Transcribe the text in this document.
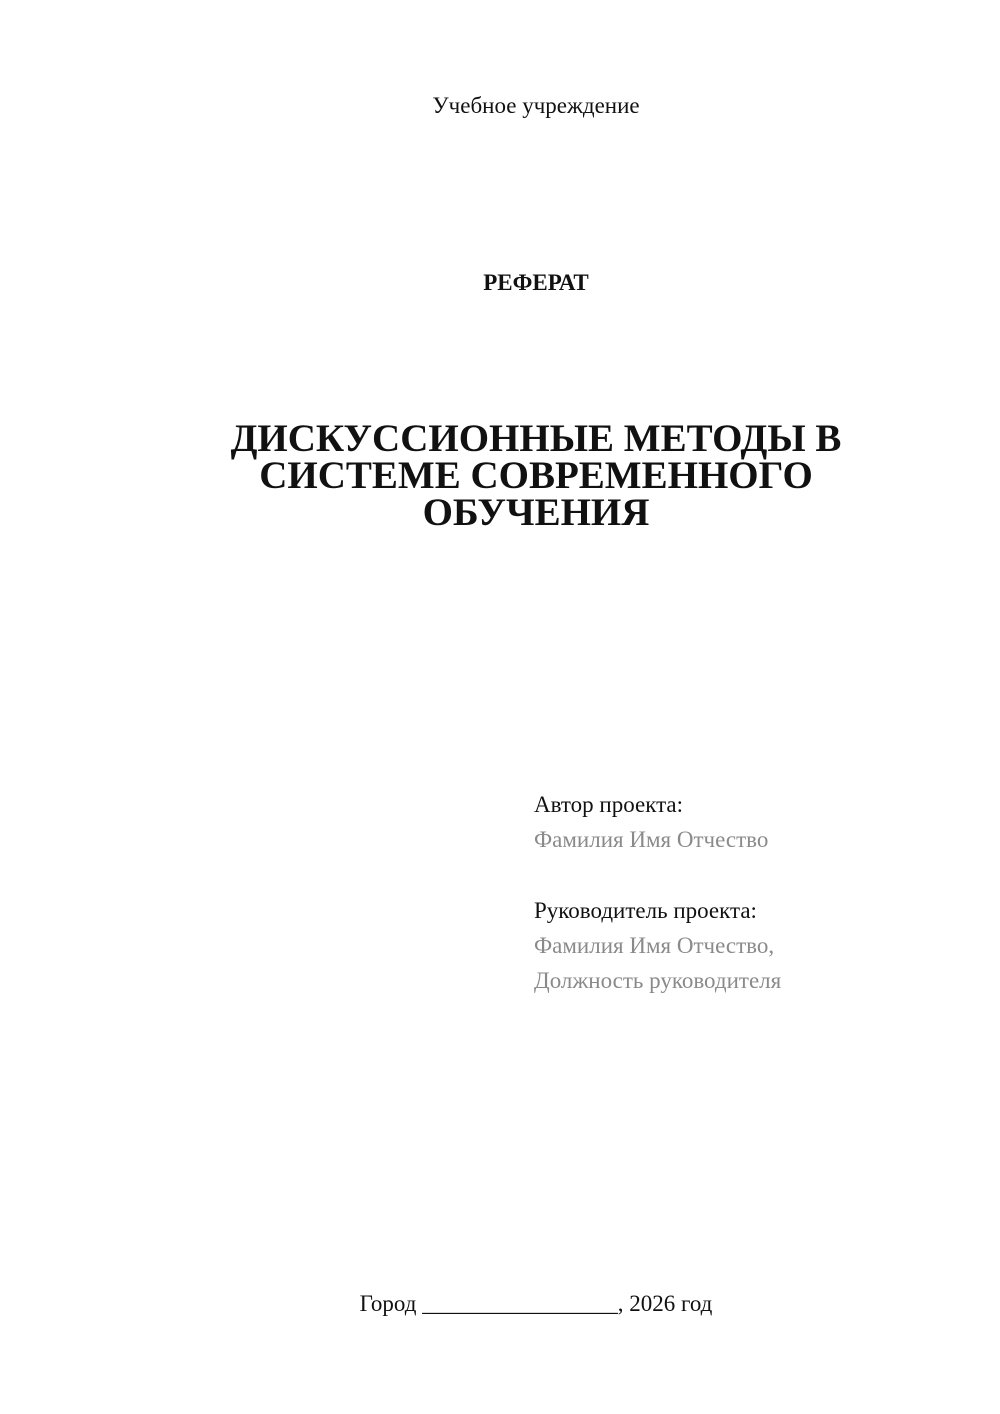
Учебное учреждение
РЕФЕРАТ
ДИСКУССИОННЫЕ МЕТОДЫ В СИСТЕМЕ СОВРЕМЕННОГО ОБУЧЕНИЯ
Автор проекта:
Фамилия Имя Отчество
Руководитель проекта:
Фамилия Имя Отчество,
Должность руководителя
Город _________________, 2026 год
